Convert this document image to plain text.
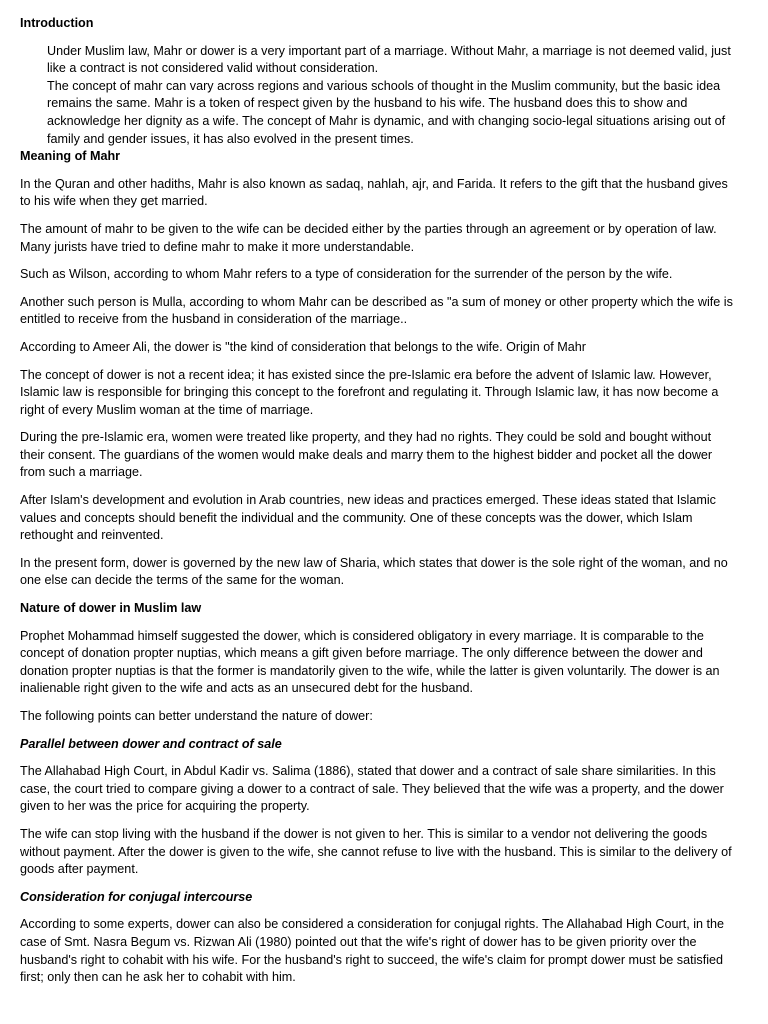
Introduction

Under Muslim law, Mahr or dower is a very important part of a marriage. Without Mahr, a marriage is not deemed valid, just like a contract is not considered valid without consideration.

The concept of mahr can vary across regions and various schools of thought in the Muslim community, but the basic idea remains the same. Mahr is a token of respect given by the husband to his wife. The husband does this to show and acknowledge her dignity as a wife. The concept of Mahr is dynamic, and with changing socio-legal situations arising out of family and gender issues, it has also evolved in the present times.

Meaning of Mahr

In the Quran and other hadiths, Mahr is also known as sadaq, nahlah, ajr, and Farida. It refers to the gift that the husband gives to his wife when they get married.

The amount of mahr to be given to the wife can be decided either by the parties through an agreement or by operation of law. Many jurists have tried to define mahr to make it more understandable.

Such as Wilson, according to whom Mahr refers to a type of consideration for the surrender of the person by the wife.

Another such person is Mulla, according to whom Mahr can be described as "a sum of money or other property which the wife is entitled to receive from the husband in consideration of the marriage..

According to Ameer Ali, the dower is "the kind of consideration that belongs to the wife. Origin of Mahr

The concept of dower is not a recent idea; it has existed since the pre-Islamic era before the advent of Islamic law. However, Islamic law is responsible for bringing this concept to the forefront and regulating it. Through Islamic law, it has now become a right of every Muslim woman at the time of marriage.

During the pre-Islamic era, women were treated like property, and they had no rights. They could be sold and bought without their consent. The guardians of the women would make deals and marry them to the highest bidder and pocket all the dower from such a marriage.

After Islam's development and evolution in Arab countries, new ideas and practices emerged. These ideas stated that Islamic values and concepts should benefit the individual and the community. One of these concepts was the dower, which Islam rethought and reinvented.

In the present form, dower is governed by the new law of Sharia, which states that dower is the sole right of the woman, and no one else can decide the terms of the same for the woman.

Nature of dower in Muslim law

Prophet Mohammad himself suggested the dower, which is considered obligatory in every marriage. It is comparable to the concept of donation propter nuptias, which means a gift given before marriage. The only difference between the dower and donation propter nuptias is that the former is mandatorily given to the wife, while the latter is given voluntarily. The dower is an inalienable right given to the wife and acts as an unsecured debt for the husband.

The following points can better understand the nature of dower:

Parallel between dower and contract of sale

The Allahabad High Court, in Abdul Kadir vs. Salima (1886), stated that dower and a contract of sale share similarities. In this case, the court tried to compare giving a dower to a contract of sale. They believed that the wife was a property, and the dower given to her was the price for acquiring the property.

The wife can stop living with the husband if the dower is not given to her. This is similar to a vendor not delivering the goods without payment. After the dower is given to the wife, she cannot refuse to live with the husband. This is similar to the delivery of goods after payment.

Consideration for conjugal intercourse

According to some experts, dower can also be considered a consideration for conjugal rights. The Allahabad High Court, in the case of Smt. Nasra Begum vs. Rizwan Ali (1980) pointed out that the wife's right of dower has to be given priority over the husband's right to cohabit with his wife. For the husband's right to succeed, the wife's claim for prompt dower must be satisfied first; only then can he ask her to cohabit with him.
